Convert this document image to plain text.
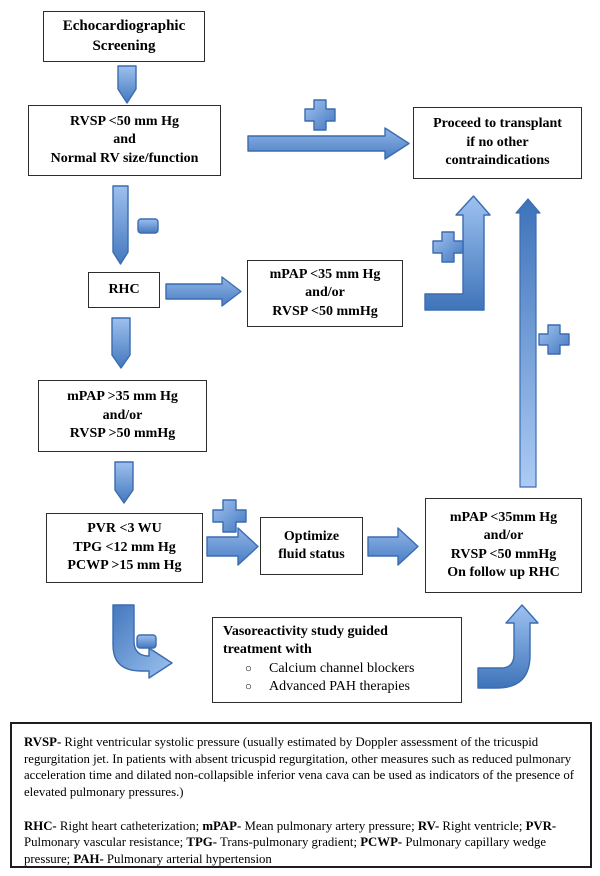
Echocardiographic
Screening
RVSP <50 mm Hg
and
Normal RV size/function
Proceed to transplant
if no other
contraindications
RHC
mPAP <35 mm Hg
and/or
RVSP <50 mmHg
mPAP >35 mm Hg
and/or
RVSP >50 mmHg
PVR <3 WU
TPG <12 mm Hg
PCWP >15 mm Hg
Optimize
fluid status
mPAP <35mm Hg
and/or
RVSP <50 mmHg
On follow up RHC
Vasoreactivity study guided
treatment with
○	Calcium channel blockers
○	Advanced PAH therapies

RVSP- Right ventricular systolic pressure (usually estimated by Doppler assessment of the tricuspid regurgitation jet. In patients with absent tricuspid regurgitation, other measures such as reduced pulmonary acceleration time and dilated non-collapsible inferior vena cava can be used as indicators of the presence of elevated pulmonary pressures.)

RHC- Right heart catheterization; mPAP- Mean pulmonary artery pressure; RV- Right ventricle; PVR- Pulmonary vascular resistance; TPG- Trans-pulmonary gradient; PCWP- Pulmonary capillary wedge pressure; PAH- Pulmonary arterial hypertension
